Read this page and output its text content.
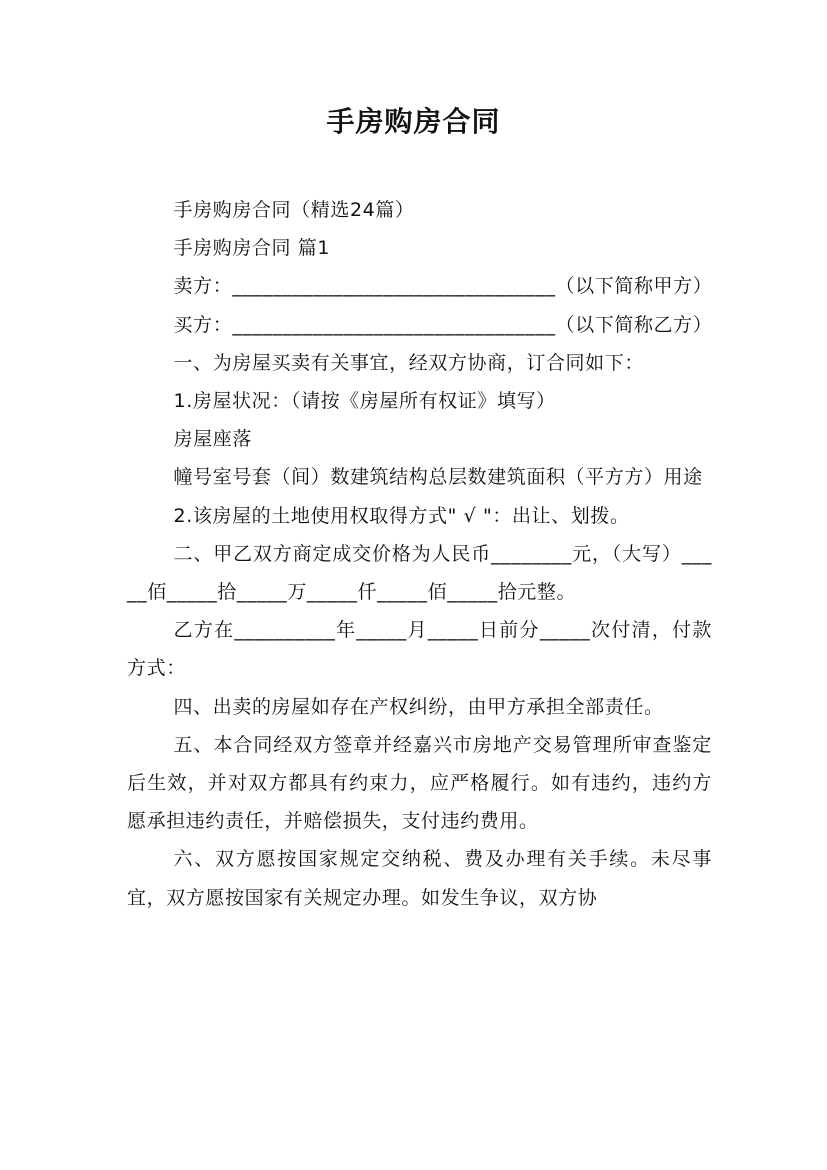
手房购房合同

手房购房合同（精选24篇）

手房购房合同 篇1

卖方：________________________________（以下简称甲方）

买方：________________________________（以下简称乙方）

一、为房屋买卖有关事宜，经双方协商，订合同如下：

1.房屋状况：（请按《房屋所有权证》填写）

房屋座落

幢号室号套（间）数建筑结构总层数建筑面积（平方方）用途

2.该房屋的土地使用权取得方式" √ "：出让、划拨。

二、甲乙双方商定成交价格为人民币________元，（大写）_____佰_____拾_____万_____仟_____佰_____拾元整。

乙方在__________年_____月_____日前分_____次付清，付款方式：

四、出卖的房屋如存在产权纠纷，由甲方承担全部责任。

五、本合同经双方签章并经嘉兴市房地产交易管理所审查鉴定后生效，并对双方都具有约束力，应严格履行。如有违约，违约方愿承担违约责任，并赔偿损失，支付违约费用。

六、双方愿按国家规定交纳税、费及办理有关手续。未尽事宜，双方愿按国家有关规定办理。如发生争议，双方协
